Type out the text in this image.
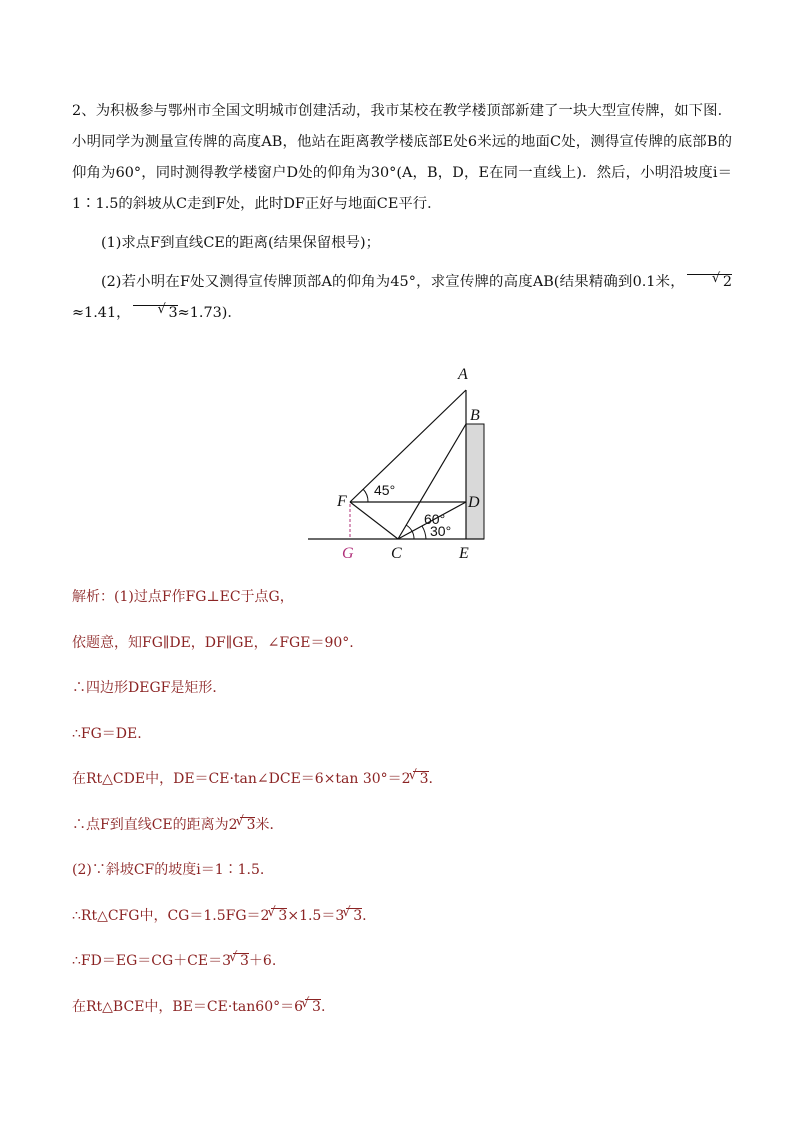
2、为积极参与鄂州市全国文明城市创建活动，我市某校在教学楼顶部新建了一块大型宣传牌，如下图．小明同学为测量宣传牌的高度AB，他站在距离教学楼底部E处6米远的地面C处，测得宣传牌的底部B的仰角为60°，同时测得教学楼窗户D处的仰角为30°(A，B，D，E在同一直线上)．然后，小明沿坡度i＝1∶1.5的斜坡从C走到F处，此时DF正好与地面CE平行．

(1)求点F到直线CE的距离(结果保留根号)；

(2)若小明在F处又测得宣传牌顶部A的仰角为45°，求宣传牌的高度AB(结果精确到0.1米，	√ 2≈1.41，	√ 3≈1.73)．

A
B
D
F
C	E
G
45°
60°
30°

解析：(1)过点F作FG⊥EC于点G，

依题意，知FG∥DE，DF∥GE，∠FGE＝90°.

∴四边形DEGF是矩形．

∴FG＝DE.

在Rt△CDE中，DE＝CE·tan∠DCE＝6×tan 30°＝2 √ 3.

∴点F到直线CE的距离为2 √ 3米．

(2)∵斜坡CF的坡度i＝1∶1.5.

∴Rt△CFG中，CG＝1.5FG＝2 √ 3×1.5＝3 √ 3.

∴FD＝EG＝CG＋CE＝3 √ 3＋6.

在Rt△BCE中，BE＝CE·tan60°＝6 √ 3.
